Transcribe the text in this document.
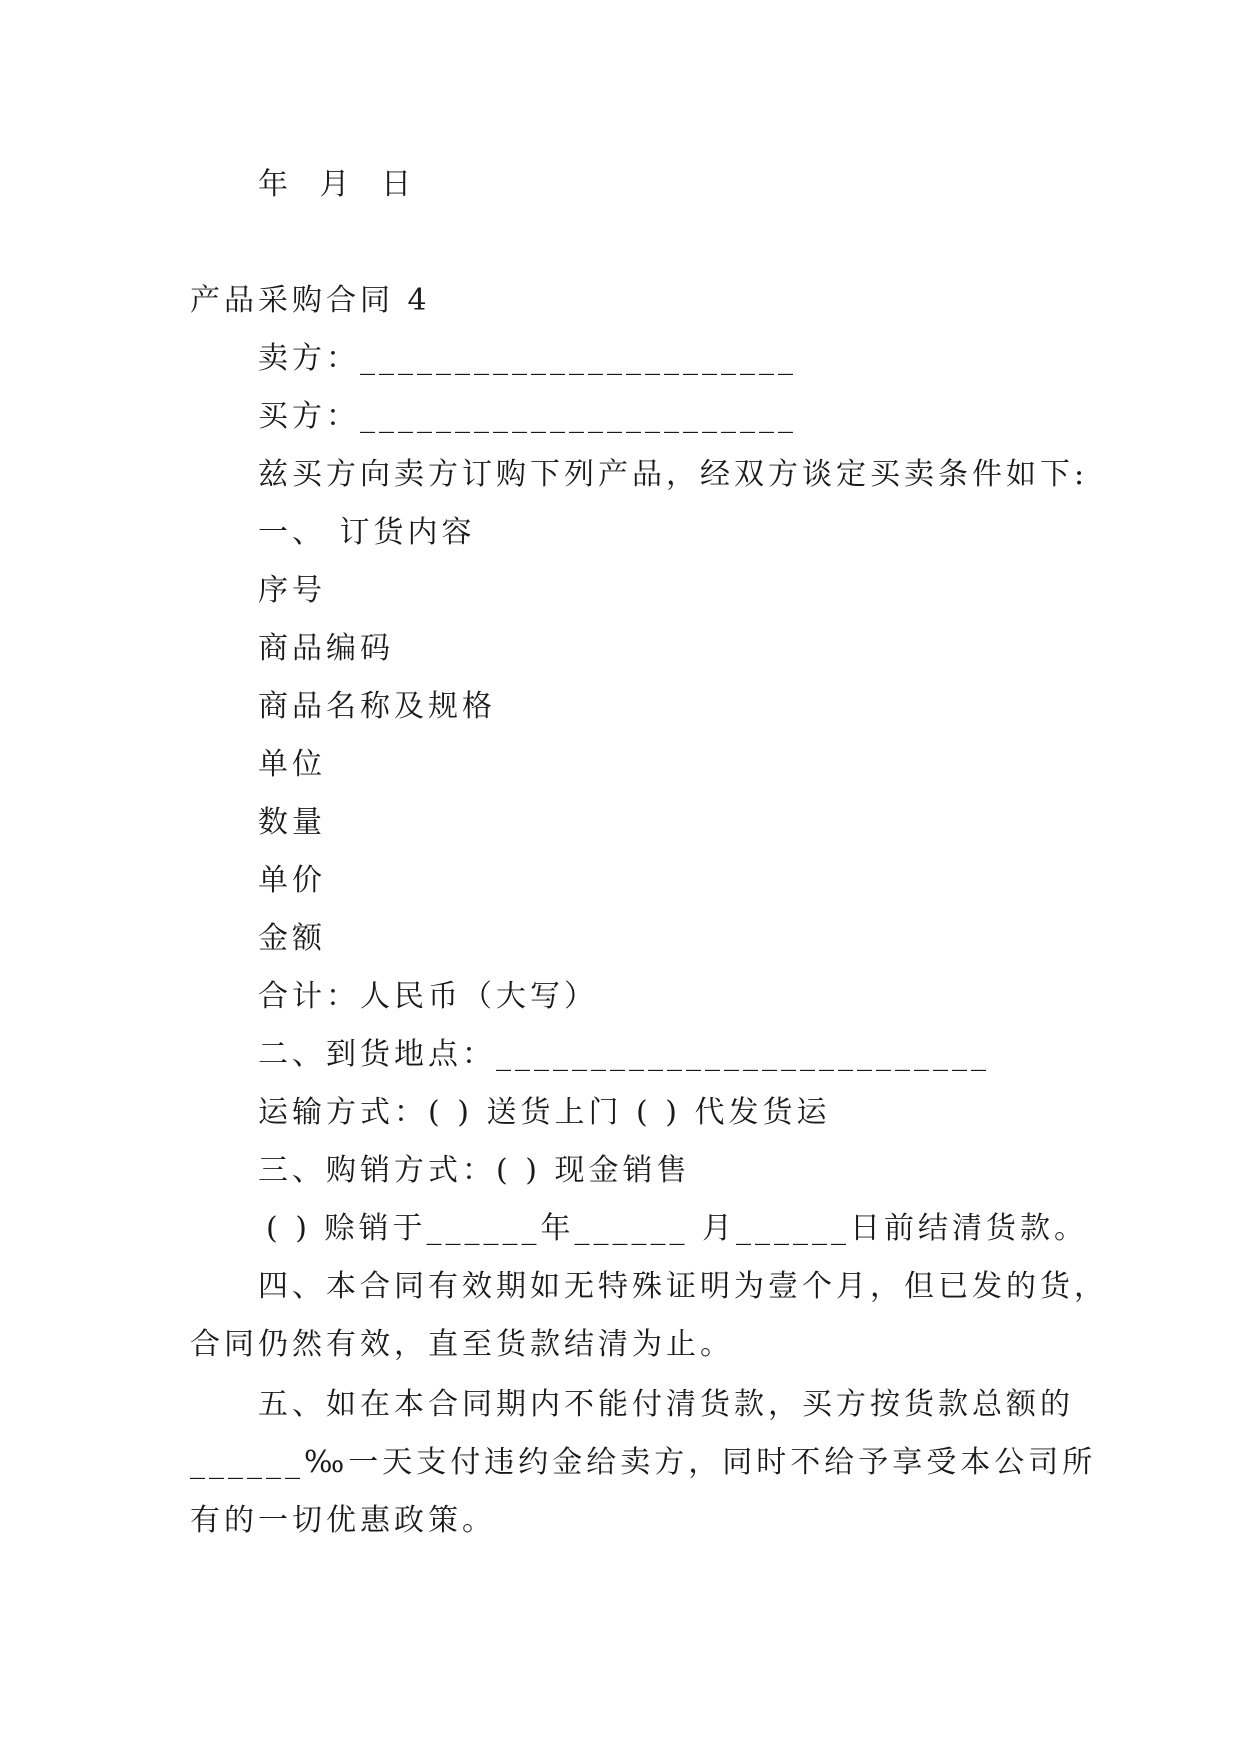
年 月 日
产品采购合同 4
卖方：_______________________
买方：_______________________
兹买方向卖方订购下列产品，经双方谈定买卖条件如下:
一、 订货内容
序号
商品编码
商品名称及规格
单位
数量
单价
金额
合计：人民币（大写）
二、到货地点：__________________________
运输方式：( ) 送货上门 ( ) 代发货运
三、购销方式：( ) 现金销售
( ) 赊销于______年______ 月______日前结清货款。
四、本合同有效期如无特殊证明为壹个月，但已发的货，
合同仍然有效，直至货款结清为止。
五、如在本合同期内不能付清货款，买方按货款总额的
______‰一天支付违约金给卖方，同时不给予享受本公司所
有的一切优惠政策。
